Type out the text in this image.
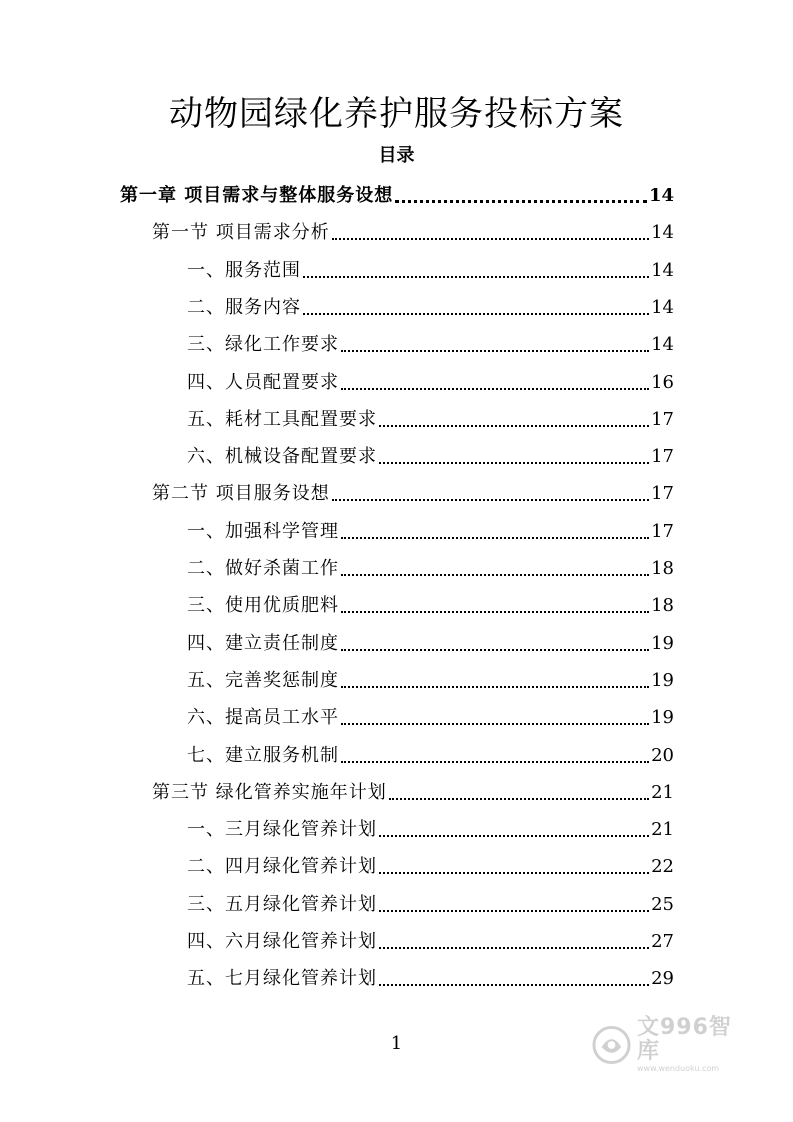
动物园绿化养护服务投标方案
目录
第一章 项目需求与整体服务设想	14
第一节 项目需求分析	14
一、服务范围	14
二、服务内容	14
三、绿化工作要求	14
四、人员配置要求	16
五、耗材工具配置要求	17
六、机械设备配置要求	17
第二节 项目服务设想	17
一、加强科学管理	17
二、做好杀菌工作	18
三、使用优质肥料	18
四、建立责任制度	19
五、完善奖惩制度	19
六、提高员工水平	19
七、建立服务机制	20
第三节 绿化管养实施年计划	21
一、三月绿化管养计划	21
二、四月绿化管养计划	22
三、五月绿化管养计划	25
四、六月绿化管养计划	27
五、七月绿化管养计划	29
1
文996智库
www.wenduoku.com
